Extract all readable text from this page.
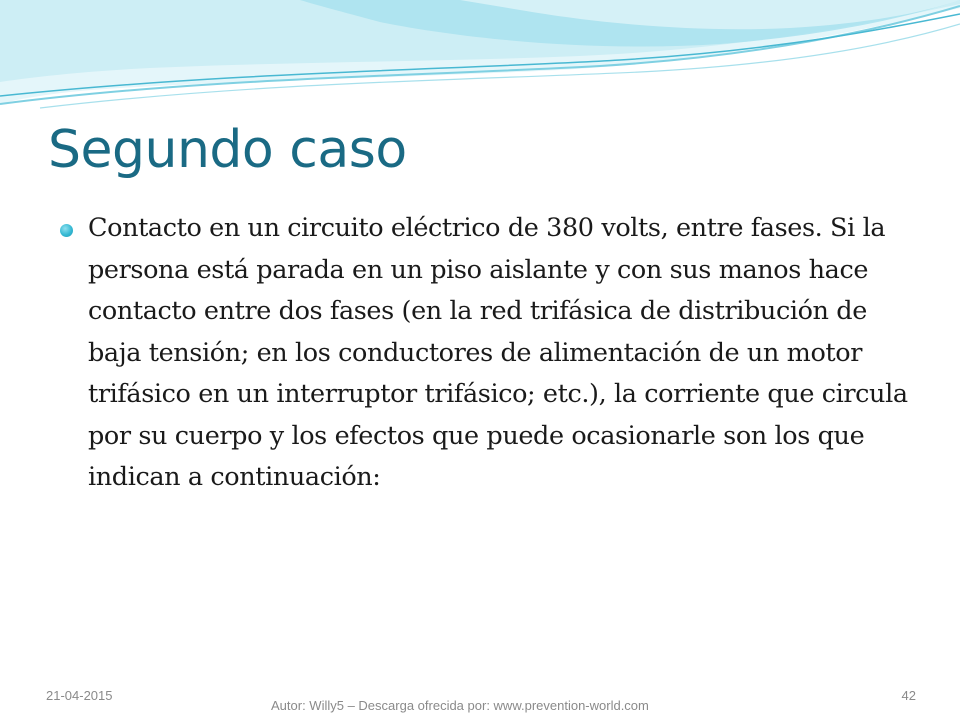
Segundo caso

Contacto en un circuito eléctrico de 380 volts, entre fases. Si la persona está parada en un piso aislante y con sus manos hace contacto entre dos fases (en la red trifásica de distribución de baja tensión; en los conductores de alimentación de un motor trifásico en un interruptor trifásico; etc.), la corriente que circula por su cuerpo y los efectos que puede ocasionarle son los que indican a continuación:

21-04-2015
Autor: Willy5 – Descarga ofrecida por: www.prevention-world.com
42
